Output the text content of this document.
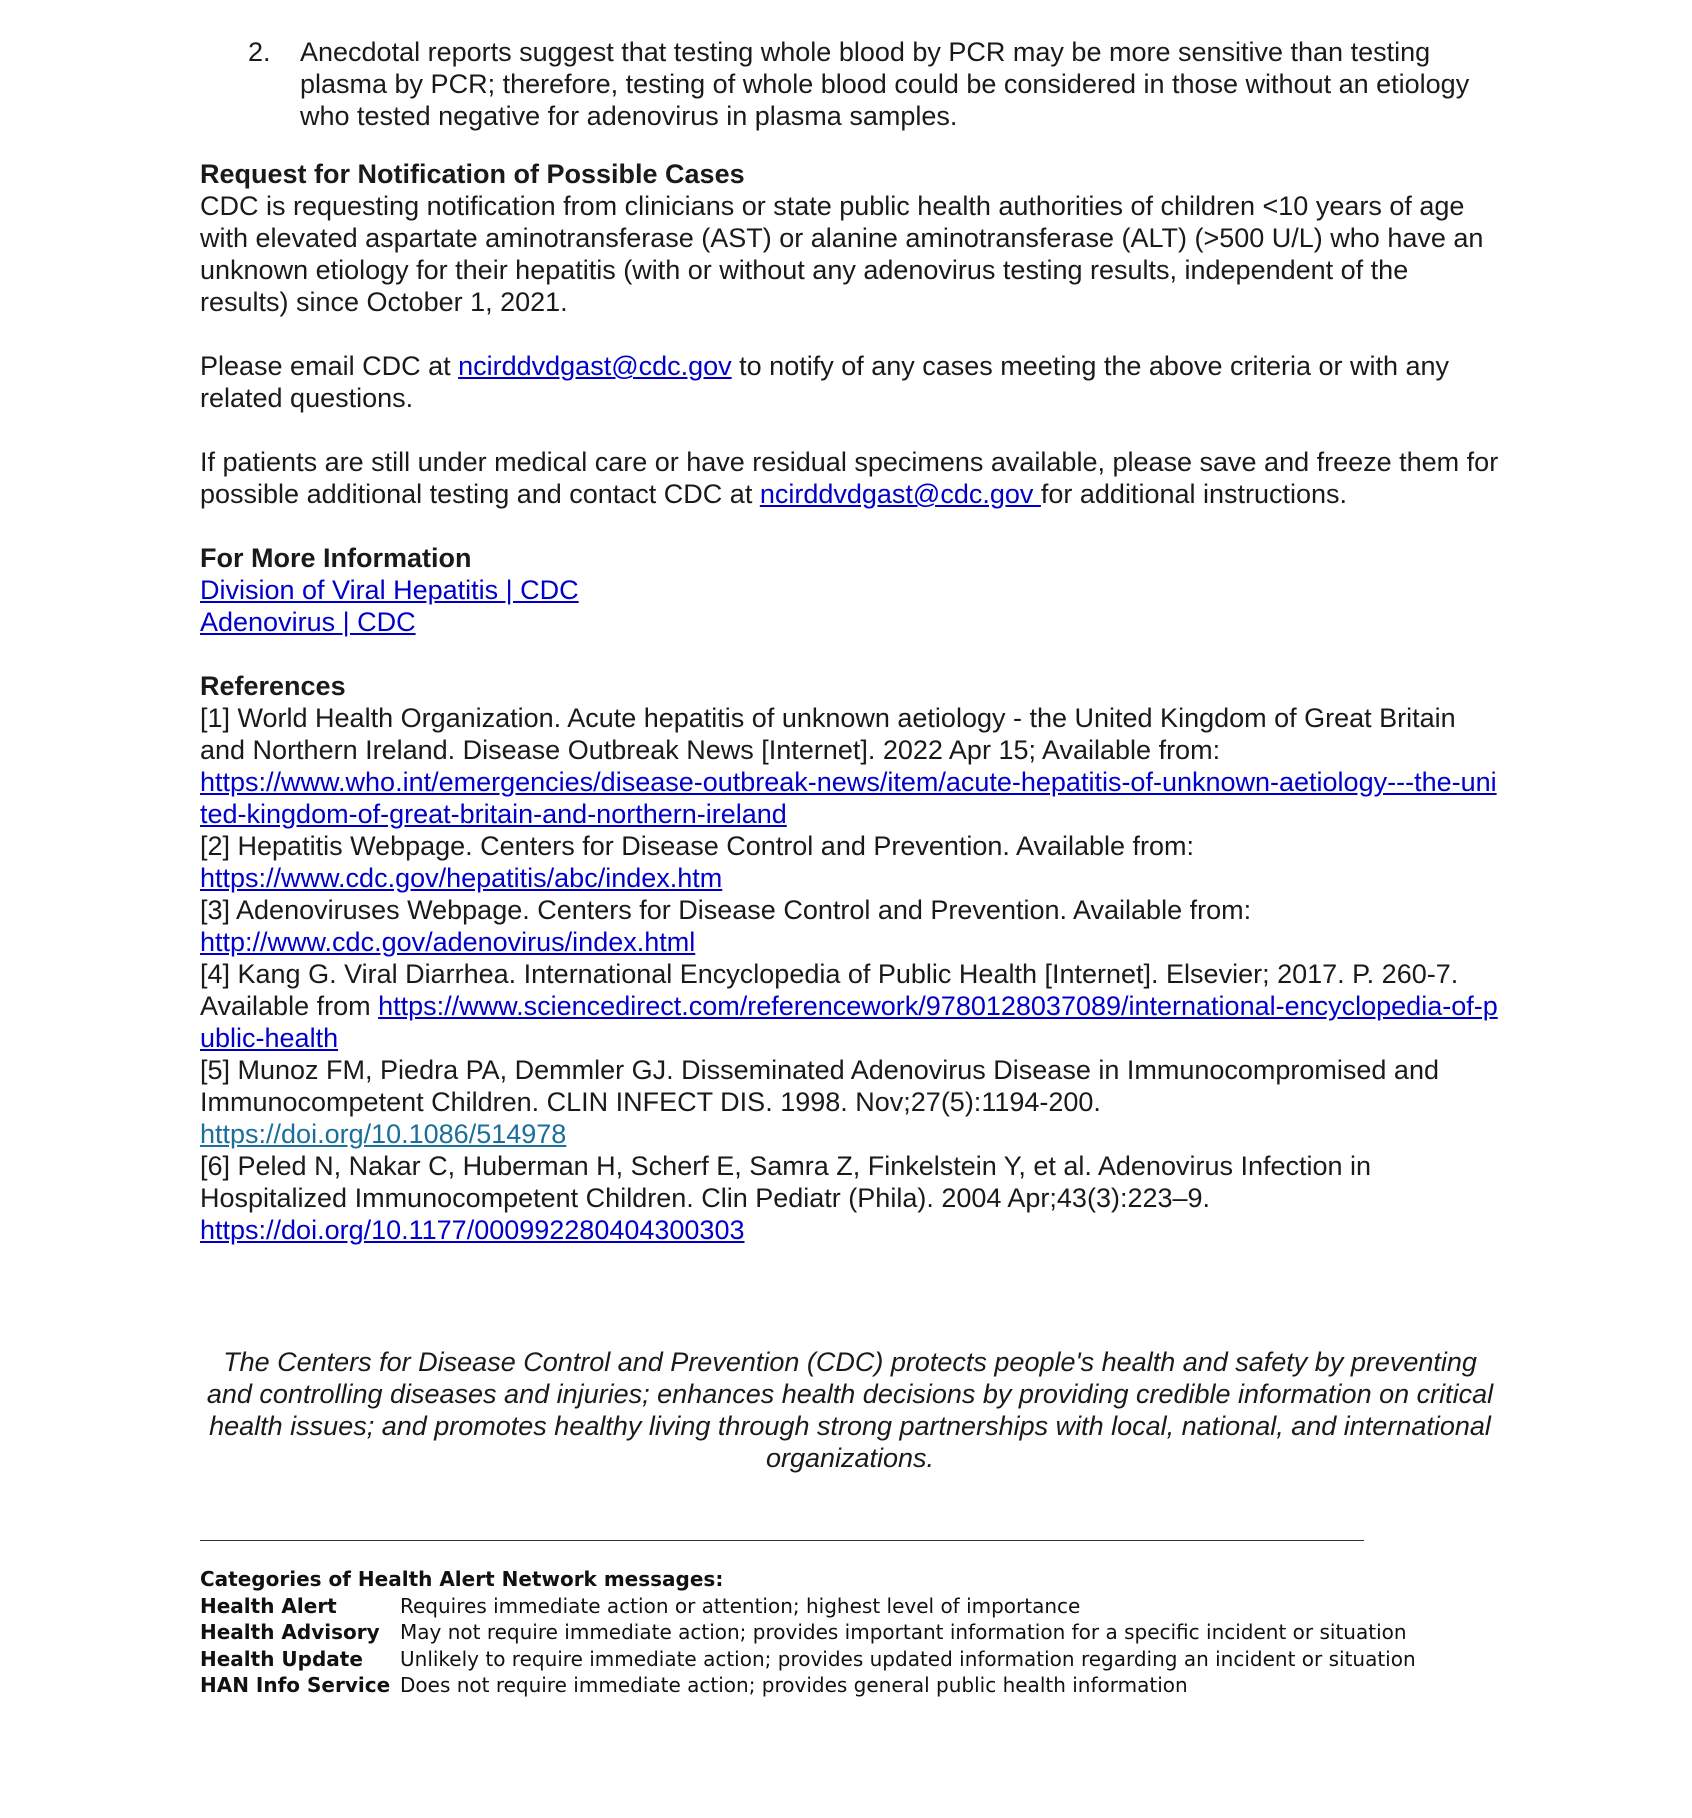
2. Anecdotal reports suggest that testing whole blood by PCR may be more sensitive than testing plasma by PCR; therefore, testing of whole blood could be considered in those without an etiology who tested negative for adenovirus in plasma samples.

Request for Notification of Possible Cases

CDC is requesting notification from clinicians or state public health authorities of children <10 years of age with elevated aspartate aminotransferase (AST) or alanine aminotransferase (ALT) (>500 U/L) who have an unknown etiology for their hepatitis (with or without any adenovirus testing results, independent of the results) since October 1, 2021.

Please email CDC at ncirddvdgast@cdc.gov to notify of any cases meeting the above criteria or with any related questions.

If patients are still under medical care or have residual specimens available, please save and freeze them for possible additional testing and contact CDC at ncirddvdgast@cdc.gov for additional instructions.

For More Information

Division of Viral Hepatitis | CDC

Adenovirus | CDC

References

[1] World Health Organization. Acute hepatitis of unknown aetiology - the United Kingdom of Great Britain and Northern Ireland. Disease Outbreak News [Internet]. 2022 Apr 15; Available from:
https://www.who.int/emergencies/disease-outbreak-news/item/acute-hepatitis-of-unknown-aetiology---the-united-kingdom-of-great-britain-and-northern-ireland

[2] Hepatitis Webpage. Centers for Disease Control and Prevention. Available from:
https://www.cdc.gov/hepatitis/abc/index.htm

[3] Adenoviruses Webpage. Centers for Disease Control and Prevention. Available from:
http://www.cdc.gov/adenovirus/index.html

[4] Kang G. Viral Diarrhea. International Encyclopedia of Public Health [Internet]. Elsevier; 2017. P. 260-7. Available from https://www.sciencedirect.com/referencework/9780128037089/international-encyclopedia-of-public-health

[5] Munoz FM, Piedra PA, Demmler GJ. Disseminated Adenovirus Disease in Immunocompromised and Immunocompetent Children. CLIN INFECT DIS. 1998. Nov;27(5):1194-200.
https://doi.org/10.1086/514978

[6] Peled N, Nakar C, Huberman H, Scherf E, Samra Z, Finkelstein Y, et al. Adenovirus Infection in Hospitalized Immunocompetent Children. Clin Pediatr (Phila). 2004 Apr;43(3):223–9.
https://doi.org/10.1177/000992280404300303

The Centers for Disease Control and Prevention (CDC) protects people's health and safety by preventing and controlling diseases and injuries; enhances health decisions by providing credible information on critical health issues; and promotes healthy living through strong partnerships with local, national, and international organizations.

Categories of Health Alert Network messages:
Health Alert	Requires immediate action or attention; highest level of importance
Health Advisory	May not require immediate action; provides important information for a specific incident or situation
Health Update	Unlikely to require immediate action; provides updated information regarding an incident or situation
HAN Info Service Does not require immediate action; provides general public health information
